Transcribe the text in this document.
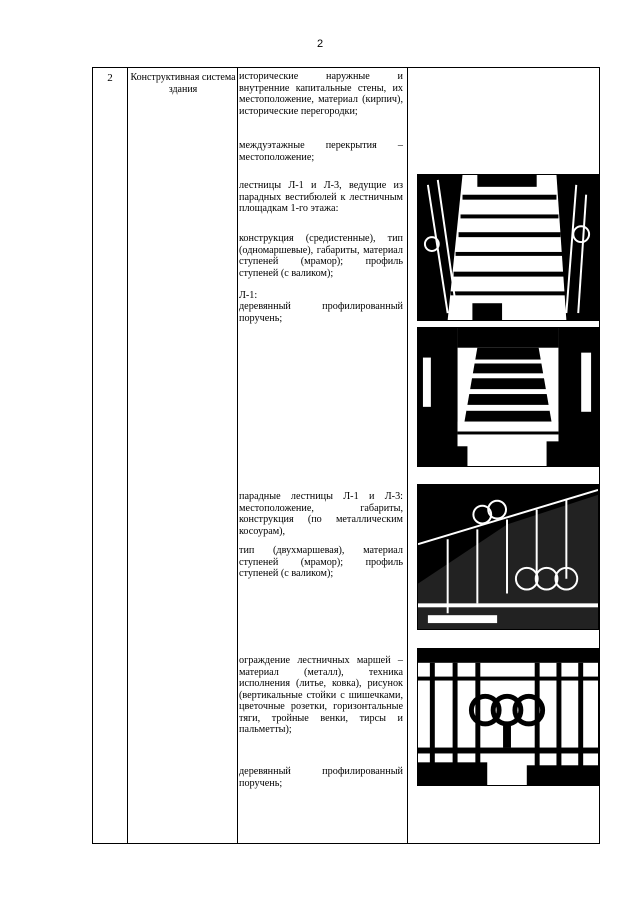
2
2	Конструктивная система здания
исторические наружные и внутренние капитальные стены, их местоположение, материал (кирпич), исторические перегородки;
междуэтажные перекрытия – местоположение;
лестницы Л-1 и Л-3, ведущие из парадных вестибюлей к лестничным площадкам 1-го этажа:
конструкция (средистенные), тип (одномаршевые), габариты, материал ступеней (мрамор); профиль ступеней (с валиком);
Л-1:
деревянный профилированный поручень;
парадные лестницы Л-1 и Л-3: местоположение, габариты, конструкция (по металлическим косоурам),
тип (двухмаршевая), материал ступеней (мрамор); профиль ступеней (с валиком);
ограждение лестничных маршей – материал (металл), техника исполнения (литье, ковка), рисунок (вертикальные стойки с шишечками, цветочные розетки, горизонтальные тяги, тройные венки, тирсы и пальметты);
деревянный профилированный поручень;
